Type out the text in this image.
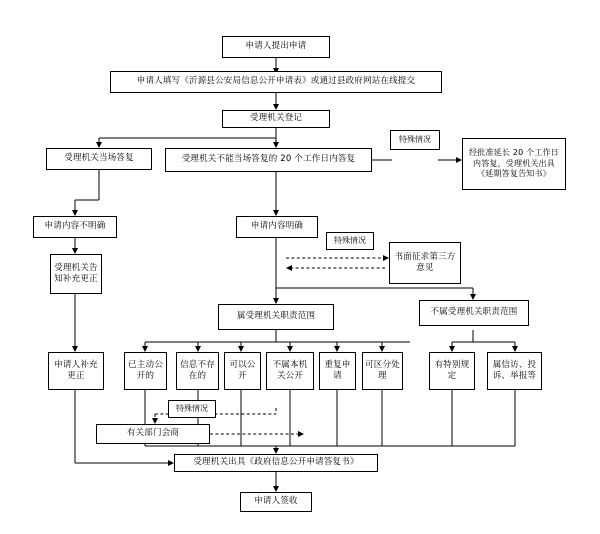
申请人提出申请
申请人填写《沂源县公安局信息公开申请表》或通过县政府网站在线提交
受理机关登记
受理机关当场答复	受理机关不能当场答复的 20 个工作日内答复
经批准延长 20 个工作日内答复，受理机关出具《延期答复告知书》
特殊情况
申请内容不明确	申请内容明确
特殊情况
书面征求第三方意见
受理机关告知补充更正
属受理机关职责范围	不属受理机关职责范围
申请人补充更正
已主动公开的
信息不存在的
可以公开
不属本机关公开
重复申请
可区分处理
有特别规定
属信访、投诉、举报等
特殊情况
有关部门会商
受理机关出具《政府信息公开申请答复书》
申请人签收
